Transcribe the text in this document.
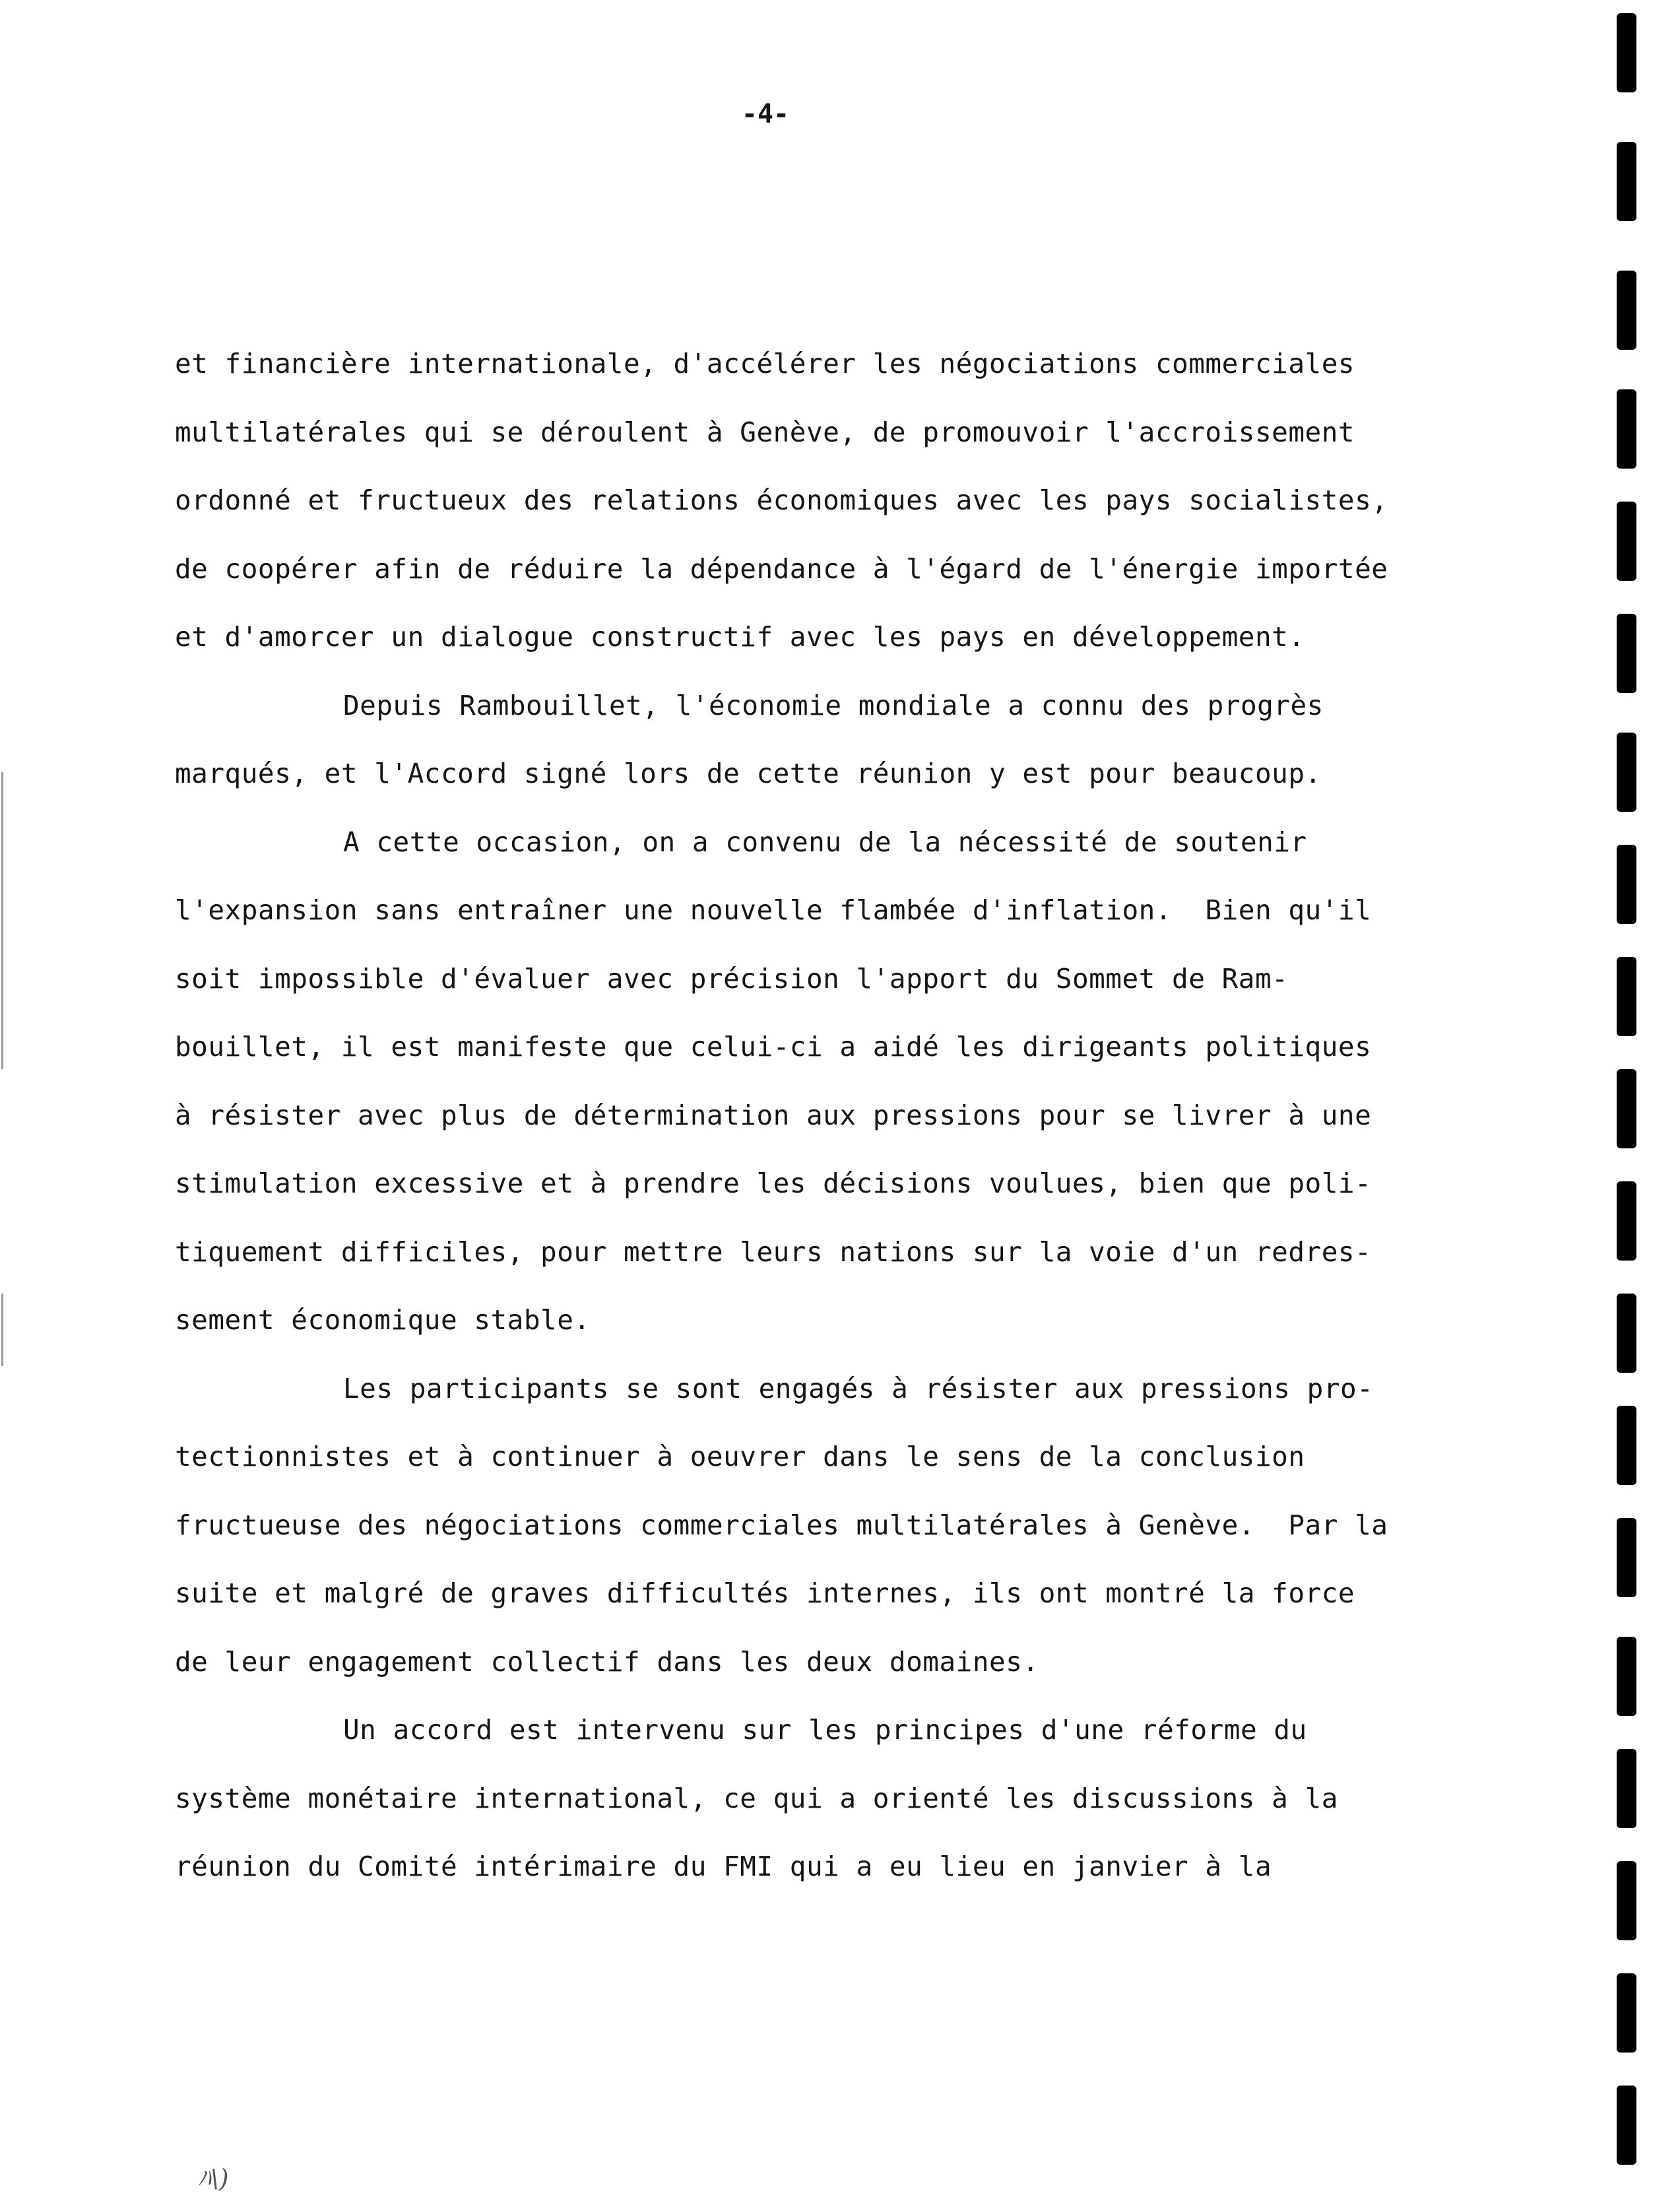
-4-
et financière internationale, d'accélérer les négociations commerciales
multilatérales qui se déroulent à Genève, de promouvoir l'accroissement
ordonné et fructueux des relations économiques avec les pays socialistes,
de coopérer afin de réduire la dépendance à l'égard de l'énergie importée
et d'amorcer un dialogue constructif avec les pays en développement.
Depuis Rambouillet, l'économie mondiale a connu des progrès
marqués, et l'Accord signé lors de cette réunion y est pour beaucoup.
A cette occasion, on a convenu de la nécessité de soutenir
l'expansion sans entraîner une nouvelle flambée d'inflation.  Bien qu'il
soit impossible d'évaluer avec précision l'apport du Sommet de Ram-
bouillet, il est manifeste que celui-ci a aidé les dirigeants politiques
à résister avec plus de détermination aux pressions pour se livrer à une
stimulation excessive et à prendre les décisions voulues, bien que poli-
tiquement difficiles, pour mettre leurs nations sur la voie d'un redres-
sement économique stable.
Les participants se sont engagés à résister aux pressions pro-
tectionnistes et à continuer à oeuvrer dans le sens de la conclusion
fructueuse des négociations commerciales multilatérales à Genève.  Par la
suite et malgré de graves difficultés internes, ils ont montré la force
de leur engagement collectif dans les deux domaines.
Un accord est intervenu sur les principes d'une réforme du
système monétaire international, ce qui a orienté les discussions à la
réunion du Comité intérimaire du FMI qui a eu lieu en janvier à la
ﾊ\)
